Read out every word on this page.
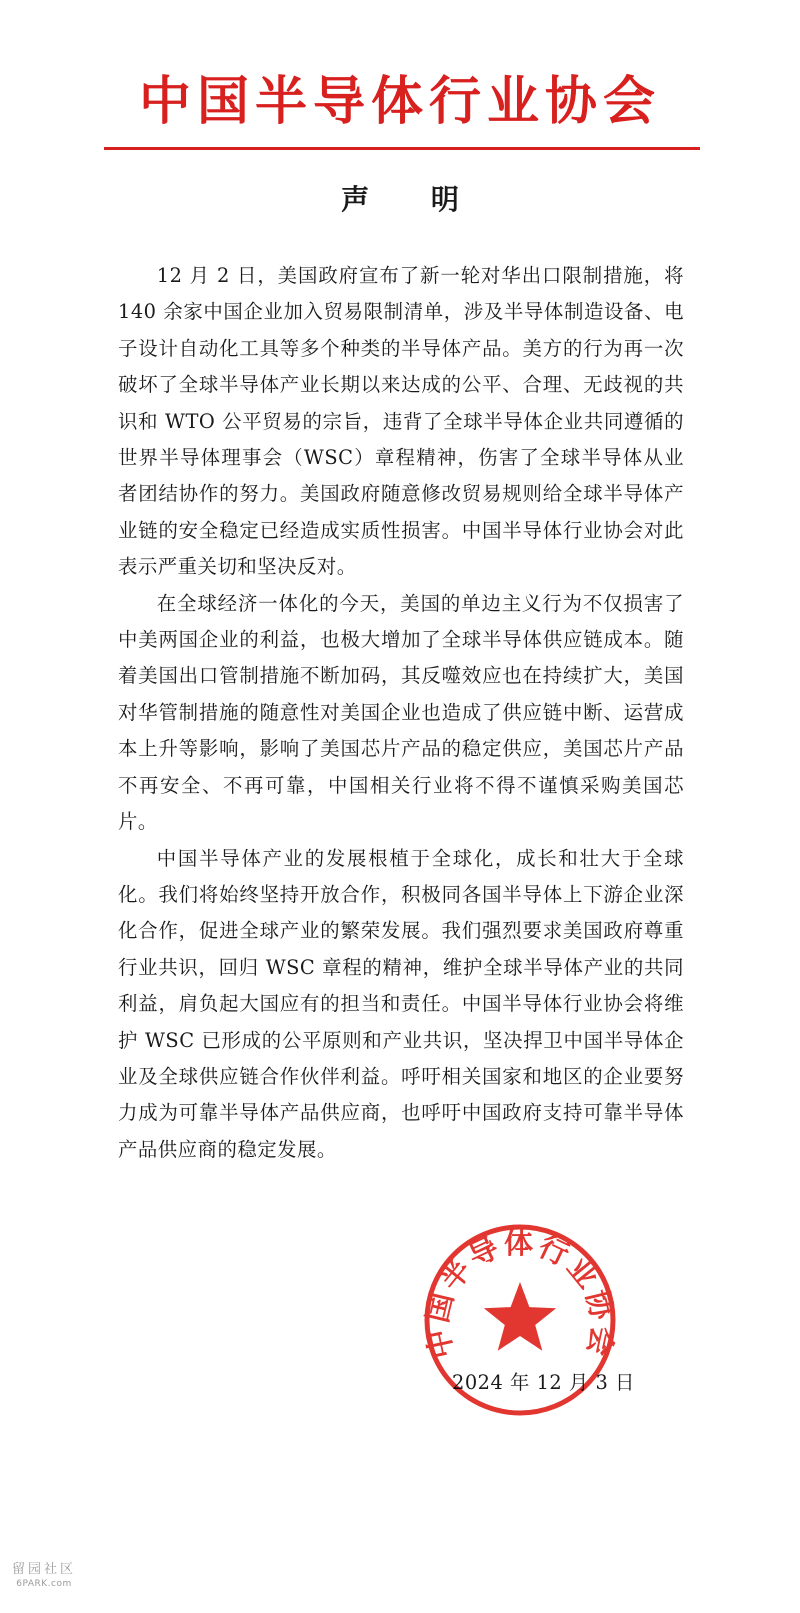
中国半导体行业协会
声 明

12 月 2 日，美国政府宣布了新一轮对华出口限制措施，将 140 余家中国企业加入贸易限制清单，涉及半导体制造设备、电子设计自动化工具等多个种类的半导体产品。美方的行为再一次破坏了全球半导体产业长期以来达成的公平、合理、无歧视的共识和 WTO 公平贸易的宗旨，违背了全球半导体企业共同遵循的世界半导体理事会（WSC）章程精神，伤害了全球半导体从业者团结协作的努力。美国政府随意修改贸易规则给全球半导体产业链的安全稳定已经造成实质性损害。中国半导体行业协会对此表示严重关切和坚决反对。

在全球经济一体化的今天，美国的单边主义行为不仅损害了中美两国企业的利益，也极大增加了全球半导体供应链成本。随着美国出口管制措施不断加码，其反噬效应也在持续扩大，美国对华管制措施的随意性对美国企业也造成了供应链中断、运营成本上升等影响，影响了美国芯片产品的稳定供应，美国芯片产品不再安全、不再可靠，中国相关行业将不得不谨慎采购美国芯片。

中国半导体产业的发展根植于全球化，成长和壮大于全球化。我们将始终坚持开放合作，积极同各国半导体上下游企业深化合作，促进全球产业的繁荣发展。我们强烈要求美国政府尊重行业共识，回归 WSC 章程的精神，维护全球半导体产业的共同利益，肩负起大国应有的担当和责任。中国半导体行业协会将维护 WSC 已形成的公平原则和产业共识，坚决捍卫中国半导体企业及全球供应链合作伙伴利益。呼吁相关国家和地区的企业要努力成为可靠半导体产品供应商，也呼吁中国政府支持可靠半导体产品供应商的稳定发展。

2024 年 12 月 3 日
中国半导体行业协会
留园社区
6PARK.com
